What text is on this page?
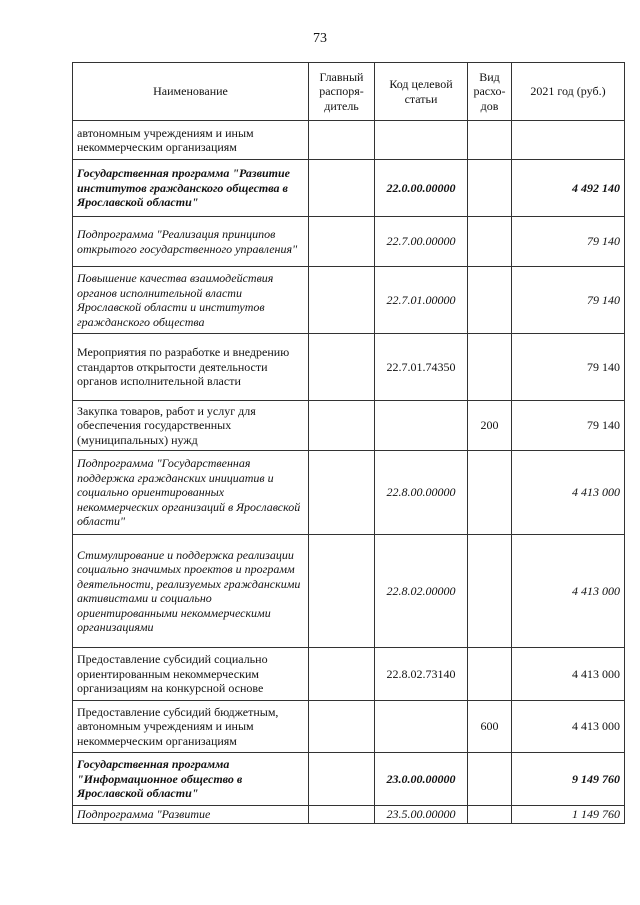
73
Наименование	Главный распоря-дитель	Код целевой статьи	Вид расхо-дов	2021 год (руб.)
автономным учреждениям и иным некоммерческим организациям				
Государственная программа "Развитие институтов гражданского общества в Ярославской области"		22.0.00.00000		4 492 140
Подпрограмма "Реализация принципов открытого государственного управления"		22.7.00.00000		79 140
Повышение качества взаимодействия органов исполнительной власти Ярославской области и институтов гражданского общества		22.7.01.00000		79 140
Мероприятия по разработке и внедрению стандартов открытости деятельности органов исполнительной власти		22.7.01.74350		79 140
Закупка товаров, работ и услуг для обеспечения государственных (муниципальных) нужд			200	79 140
Подпрограмма "Государственная поддержка гражданских инициатив и социально ориентированных некоммерческих организаций в Ярославской области"		22.8.00.00000		4 413 000
Стимулирование и поддержка реализации социально значимых проектов и программ деятельности, реализуемых гражданскими активистами и социально ориентированными некоммерческими организациями		22.8.02.00000		4 413 000
Предоставление субсидий социально ориентированным некоммерческим организациям на конкурсной основе		22.8.02.73140		4 413 000
Предоставление субсидий бюджетным, автономным учреждениям и иным некоммерческим организациям			600	4 413 000
Государственная программа "Информационное общество в Ярославской области"		23.0.00.00000		9 149 760
Подпрограмма "Развитие		23.5.00.00000		1 149 760
